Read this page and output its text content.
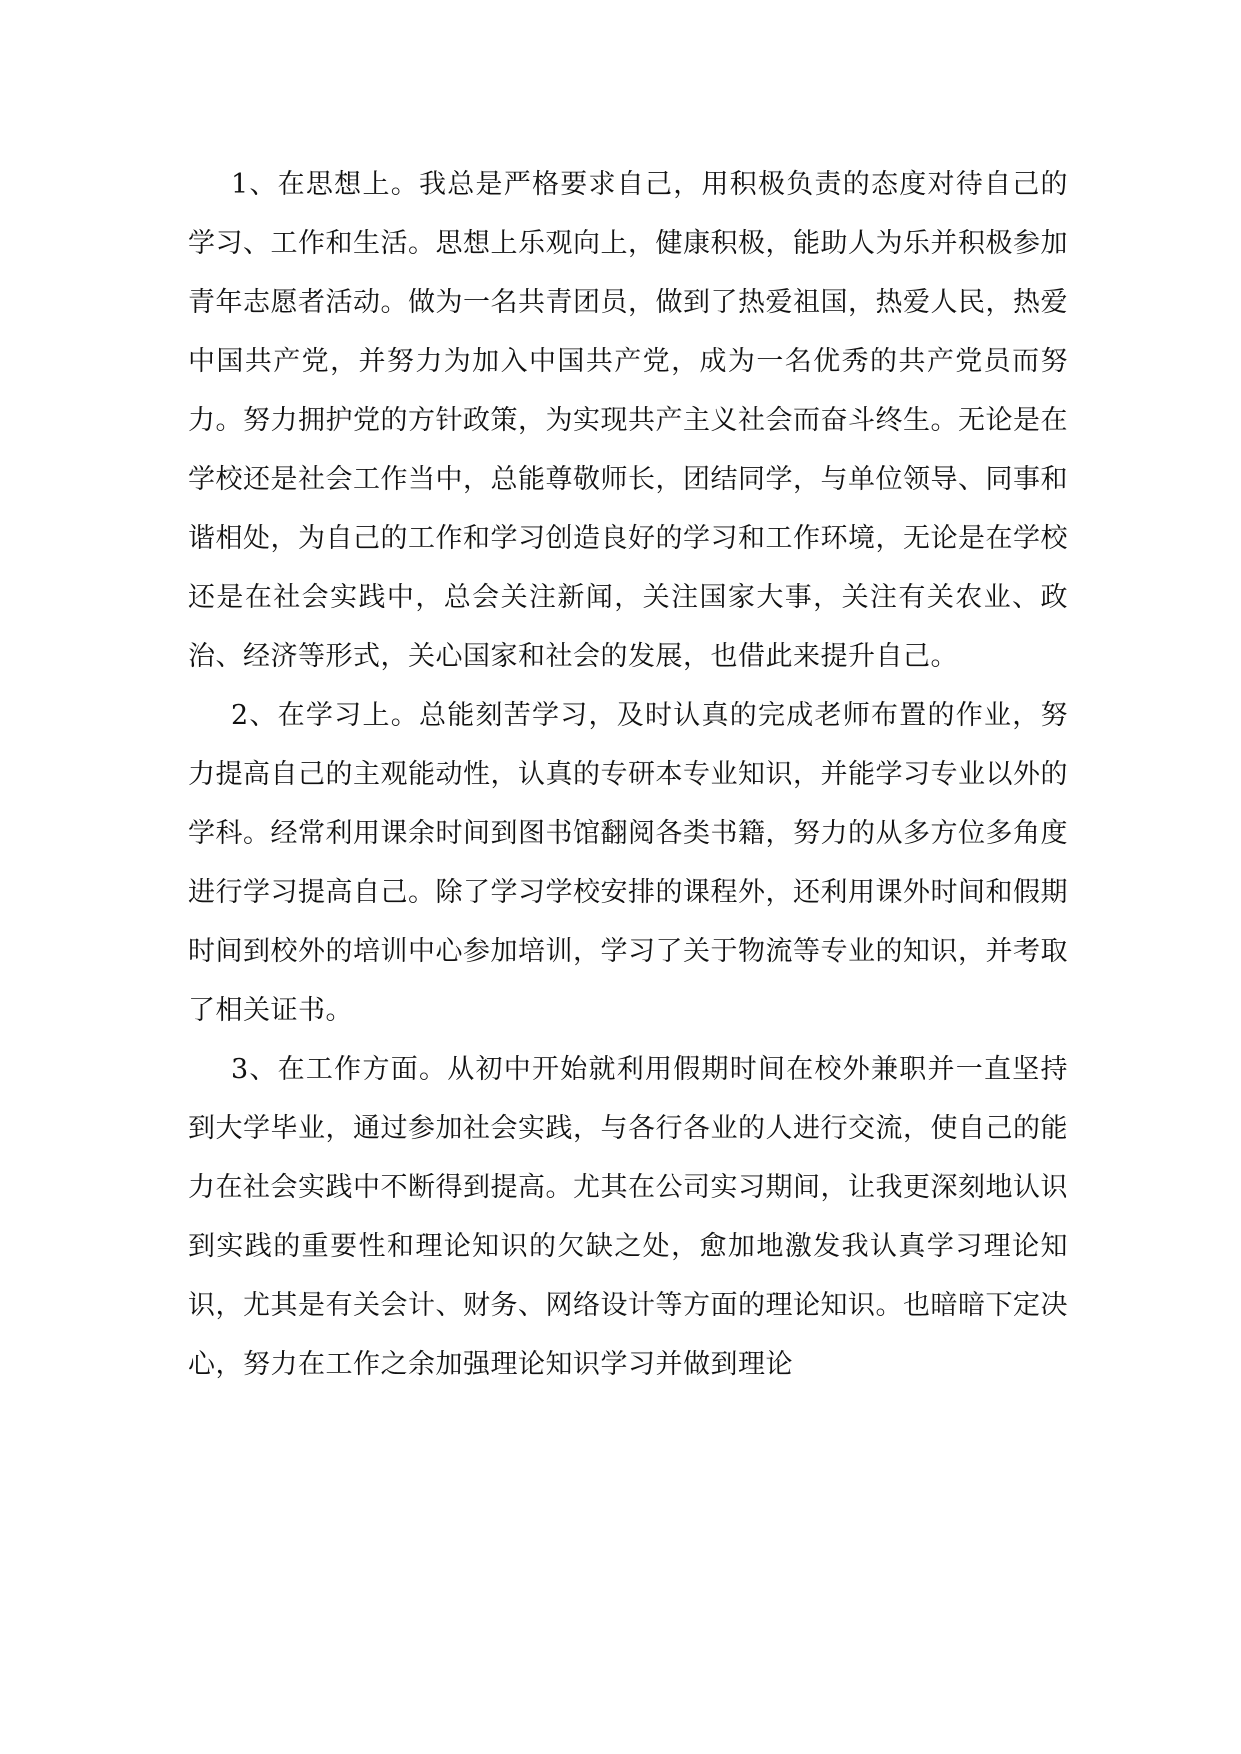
1、在思想上。我总是严格要求自己，用积极负责的态度对待自己的学习、工作和生活。思想上乐观向上，健康积极，能助人为乐并积极参加青年志愿者活动。做为一名共青团员，做到了热爱祖国，热爱人民，热爱中国共产党，并努力为加入中国共产党，成为一名优秀的共产党员而努力。努力拥护党的方针政策，为实现共产主义社会而奋斗终生。无论是在学校还是社会工作当中，总能尊敬师长，团结同学，与单位领导、同事和谐相处，为自己的工作和学习创造良好的学习和工作环境，无论是在学校还是在社会实践中，总会关注新闻，关注国家大事，关注有关农业、政治、经济等形式，关心国家和社会的发展，也借此来提升自己。

2、在学习上。总能刻苦学习，及时认真的完成老师布置的作业，努力提高自己的主观能动性，认真的专研本专业知识，并能学习专业以外的学科。经常利用课余时间到图书馆翻阅各类书籍，努力的从多方位多角度进行学习提高自己。除了学习学校安排的课程外，还利用课外时间和假期时间到校外的培训中心参加培训，学习了关于物流等专业的知识，并考取了相关证书。

3、在工作方面。从初中开始就利用假期时间在校外兼职并一直坚持到大学毕业，通过参加社会实践，与各行各业的人进行交流，使自己的能力在社会实践中不断得到提高。尤其在公司实习期间，让我更深刻地认识到实践的重要性和理论知识的欠缺之处，愈加地激发我认真学习理论知识，尤其是有关会计、财务、网络设计等方面的理论知识。也暗暗下定决心，努力在工作之余加强理论知识学习并做到理论
